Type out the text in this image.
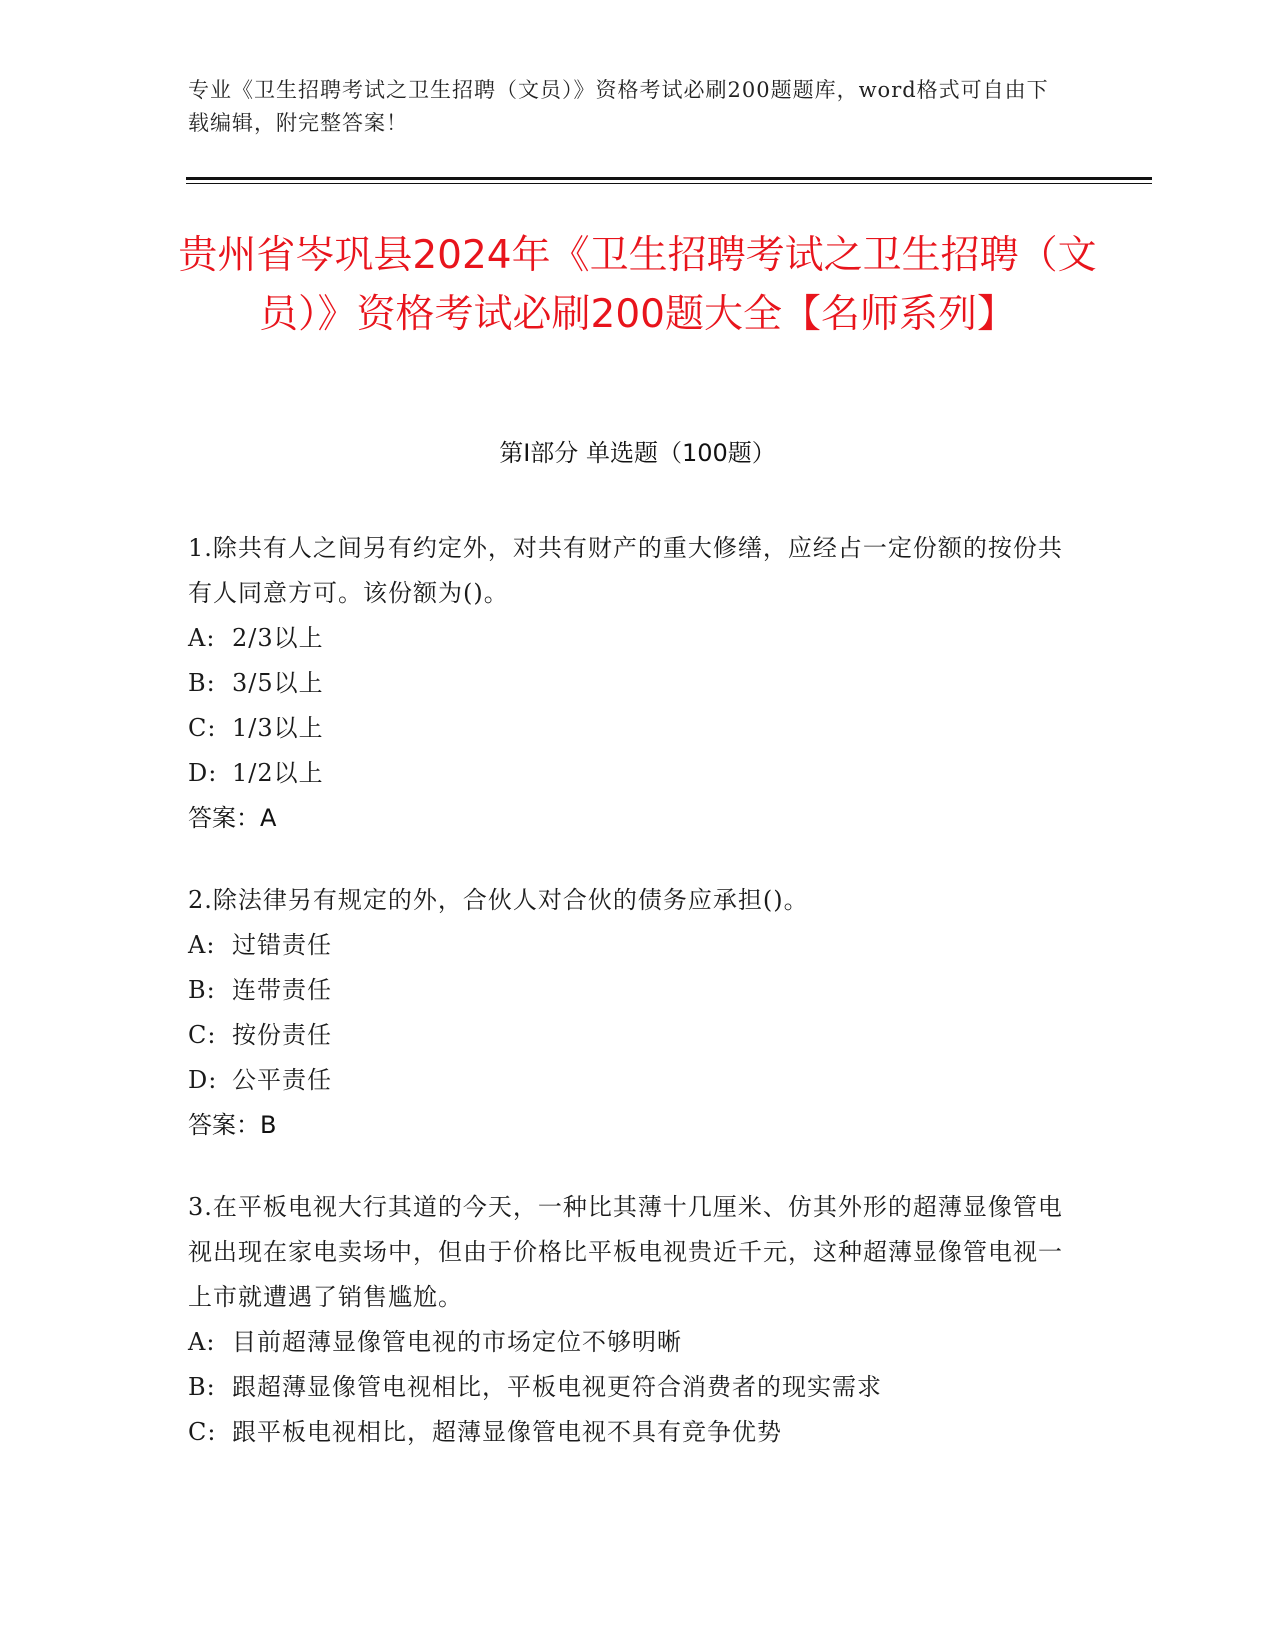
专业《卫生招聘考试之卫生招聘（文员）》资格考试必刷200题题库，word格式可自由下载编辑，附完整答案！
贵州省岑巩县2024年《卫生招聘考试之卫生招聘（文员）》资格考试必刷200题大全【名师系列】
第Ⅰ部分 单选题（100题）
1.除共有人之间另有约定外，对共有财产的重大修缮，应经占一定份额的按份共有人同意方可。该份额为()。
A: 2/3以上
B: 3/5以上
C: 1/3以上
D: 1/2以上
答案：A
2.除法律另有规定的外，合伙人对合伙的债务应承担()。
A: 过错责任
B: 连带责任
C: 按份责任
D: 公平责任
答案：B
3.在平板电视大行其道的今天，一种比其薄十几厘米、仿其外形的超薄显像管电视出现在家电卖场中，但由于价格比平板电视贵近千元，这种超薄显像管电视一上市就遭遇了销售尴尬。
A: 目前超薄显像管电视的市场定位不够明晰
B: 跟超薄显像管电视相比，平板电视更符合消费者的现实需求
C: 跟平板电视相比，超薄显像管电视不具有竞争优势
